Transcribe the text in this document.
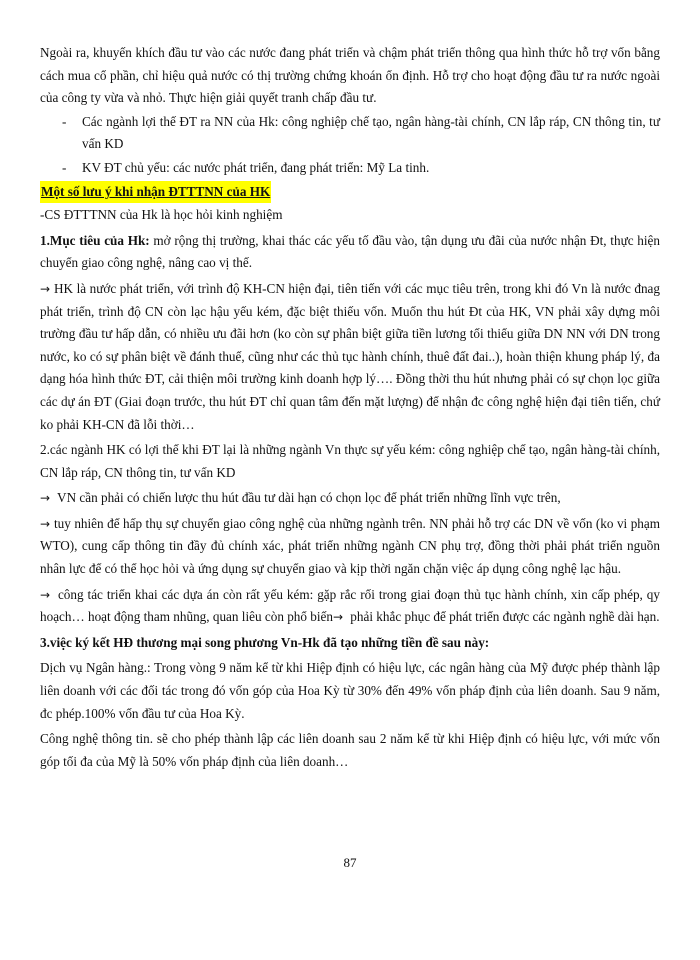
Ngoài ra, khuyến khích đầu tư vào các nước đang phát triển và chậm phát triển thông qua hình thức hỗ trợ vốn bằng cách mua cổ phần, chỉ hiệu quả nước có thị trường chứng khoán ổn định. Hỗ trợ cho hoạt động đầu tư ra nước ngoài của công ty vừa và nhỏ. Thực hiện giải quyết tranh chấp đầu tư.

-	Các ngành lợi thế ĐT ra NN của Hk: công nghiệp chế tạo, ngân hàng-tài chính, CN lắp ráp, CN thông tin, tư vấn KD
-	KV ĐT chủ yếu: các nước phát triển, đang phát triển: Mỹ La tinh.

Một số lưu ý khi nhận ĐTTTNN của HK

-CS ĐTTTNN của Hk là học hỏi kinh nghiệm

1.Mục tiêu của Hk: mở rộng thị trường, khai thác các yếu tố đầu vào, tận dụng ưu đãi của nước nhận Đt, thực hiện chuyển giao công nghệ, nâng cao vị thế.

→ HK là nước phát triển, với trình độ KH-CN hiện đại, tiên tiến với các mục tiêu trên, trong khi đó Vn là nước đnag phát triển, trình độ CN còn lạc hậu yếu kém, đặc biệt thiếu vốn. Muốn thu hút Đt của HK, VN phải xây dựng môi trường đầu tư hấp dẫn, có nhiều ưu đãi hơn (ko còn sự phân biệt giữa tiền lương tối thiểu giữa DN NN với DN trong nước, ko có sự phân biệt về đánh thuế, cũng như các thủ tục hành chính, thuê đất đai..), hoàn thiện khung pháp lý, đa dạng hóa hình thức ĐT, cải thiện môi trường kinh doanh hợp lý…. Đồng thời thu hút nhưng phải có sự chọn lọc giữa các dự án ĐT (Giai đoạn trước, thu hút ĐT chỉ quan tâm đến mặt lượng) để nhận đc công nghệ hiện đại tiên tiến, chứ ko phải KH-CN đã lỗi thời…

2.các ngành HK có lợi thế khi ĐT lại là những ngành Vn thực sự yếu kém: công nghiệp chế tạo, ngân hàng-tài chính, CN lắp ráp, CN thông tin, tư vấn KD

→ VN cần phải có chiến lược thu hút đầu tư dài hạn có chọn lọc để phát triển những lĩnh vực trên,

→ tuy nhiên để hấp thụ sự chuyển giao công nghệ của những ngành trên. NN phải hỗ trợ các DN về vốn (ko vi phạm WTO), cung cấp thông tin đầy đủ chính xác, phát triển những ngành CN phụ trợ, đồng thời phải phát triển nguồn nhân lực để có thể học hỏi và ứng dụng sự chuyển giao và kịp thời ngăn chặn việc áp dụng công nghệ lạc hậu.

→ công tác triển khai các dựa án còn rất yếu kém: gặp rắc rối trong giai đoạn thủ tục hành chính, xin cấp phép, qy hoạch… hoạt động tham nhũng, quan liêu còn phổ biến→ phải khắc phục để phát triển được các ngành nghề dài hạn.

3.việc ký kết HĐ thương mại song phương Vn-Hk đã tạo những tiền đề sau này:

Dịch vụ Ngân hàng.: Trong vòng 9 năm kể từ khi Hiệp định có hiệu lực, các ngân hàng của Mỹ được phép thành lập liên doanh với các đối tác trong đó vốn góp của Hoa Kỳ từ 30% đến 49% vốn pháp định của liên doanh. Sau 9 năm, đc phép.100% vốn đầu tư của Hoa Kỳ.

Công nghệ thông tin. sẽ cho phép thành lập các liên doanh sau 2 năm kể từ khi Hiệp định có hiệu lực, với mức vốn góp tối đa của Mỹ là 50% vốn pháp định của liên doanh…

87
